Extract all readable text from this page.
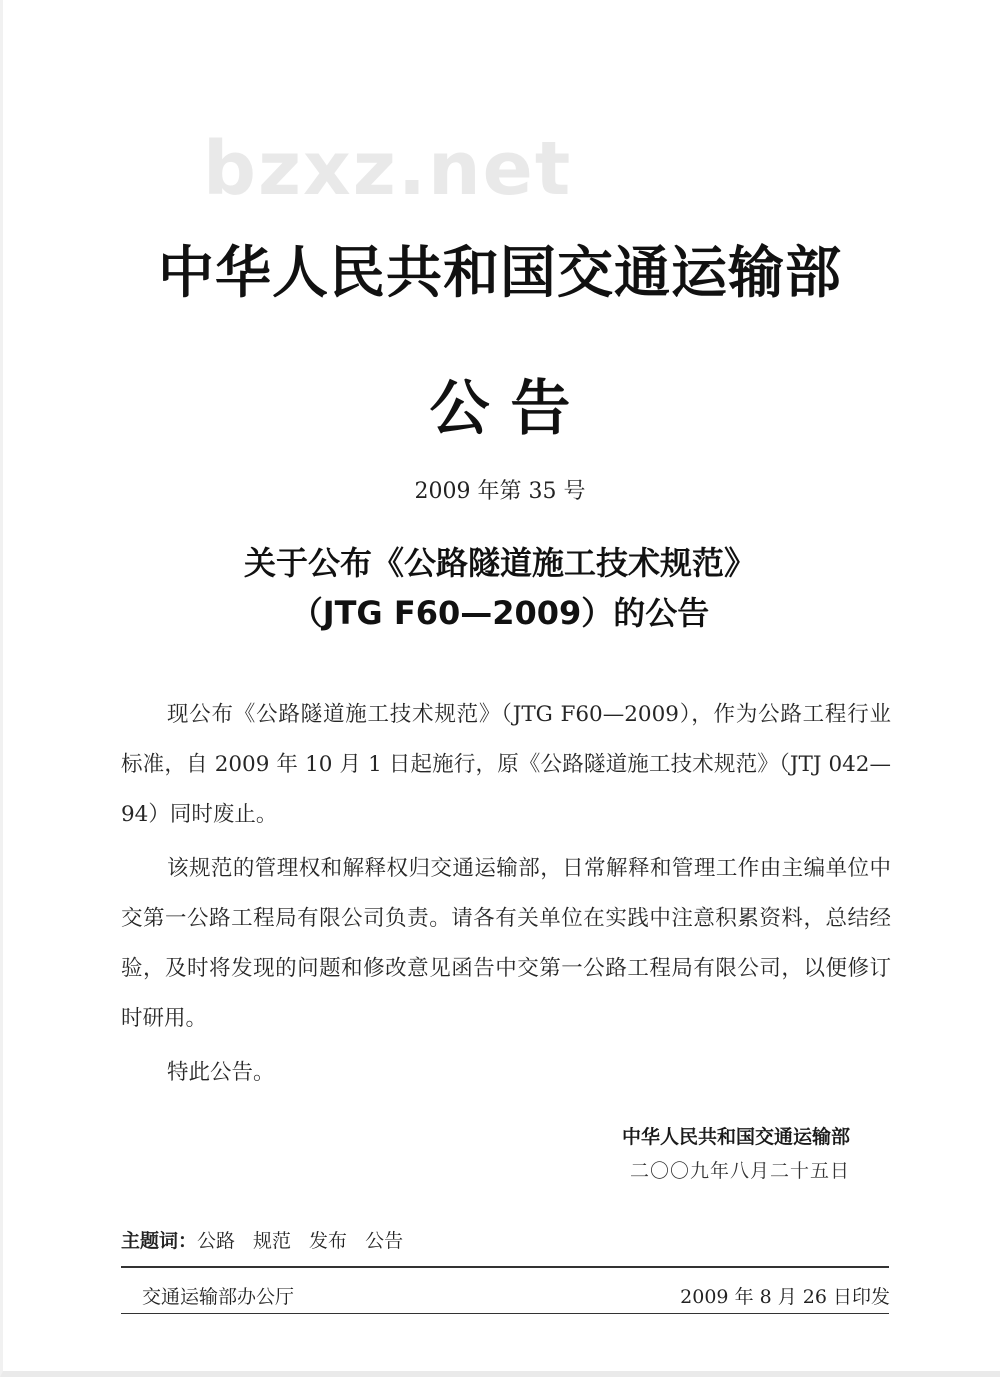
bzxz.net
中华人民共和国交通运输部
公 告
2009 年第 35 号
关于公布《公路隧道施工技术规范》
（JTG F60—2009）的公告

现公布《公路隧道施工技术规范》（JTG F60—2009），作为公路工程行业标准，自 2009 年 10 月 1 日起施行，原《公路隧道施工技术规范》（JTJ 042—94）同时废止。

该规范的管理权和解释权归交通运输部，日常解释和管理工作由主编单位中交第一公路工程局有限公司负责。请各有关单位在实践中注意积累资料，总结经验，及时将发现的问题和修改意见函告中交第一公路工程局有限公司，以便修订时研用。

特此公告。

中华人民共和国交通运输部
二〇〇九年八月二十五日
主题词：公路 规范 发布 公告
交通运输部办公厅	2009 年 8 月 26 日印发
